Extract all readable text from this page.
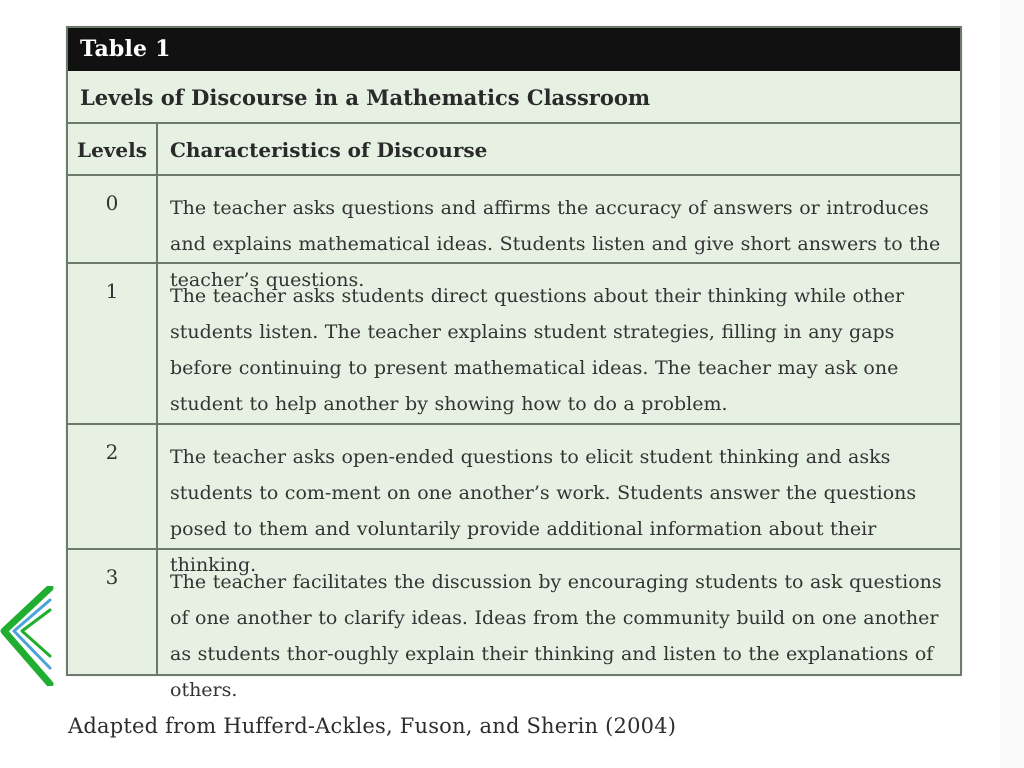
Table 1
Levels of Discourse in a Mathematics Classroom
Levels	Characteristics of Discourse
0	The teacher asks questions and affirms the accuracy of answers or introduces and explains mathematical ideas. Students listen and give short answers to the teacher’s questions.
1	The teacher asks students direct questions about their thinking while other students listen. The teacher explains student strategies, filling in any gaps before continuing to present mathematical ideas. The teacher may ask one student to help another by showing how to do a problem.
2	The teacher asks open-ended questions to elicit student thinking and asks students to com-ment on one another’s work. Students answer the questions posed to them and voluntarily provide additional information about their thinking.
3	The teacher facilitates the discussion by encouraging students to ask questions of one another to clarify ideas. Ideas from the community build on one another as students thor-oughly explain their thinking and listen to the explanations of others.
Adapted from Hufferd-Ackles, Fuson, and Sherin (2004)
